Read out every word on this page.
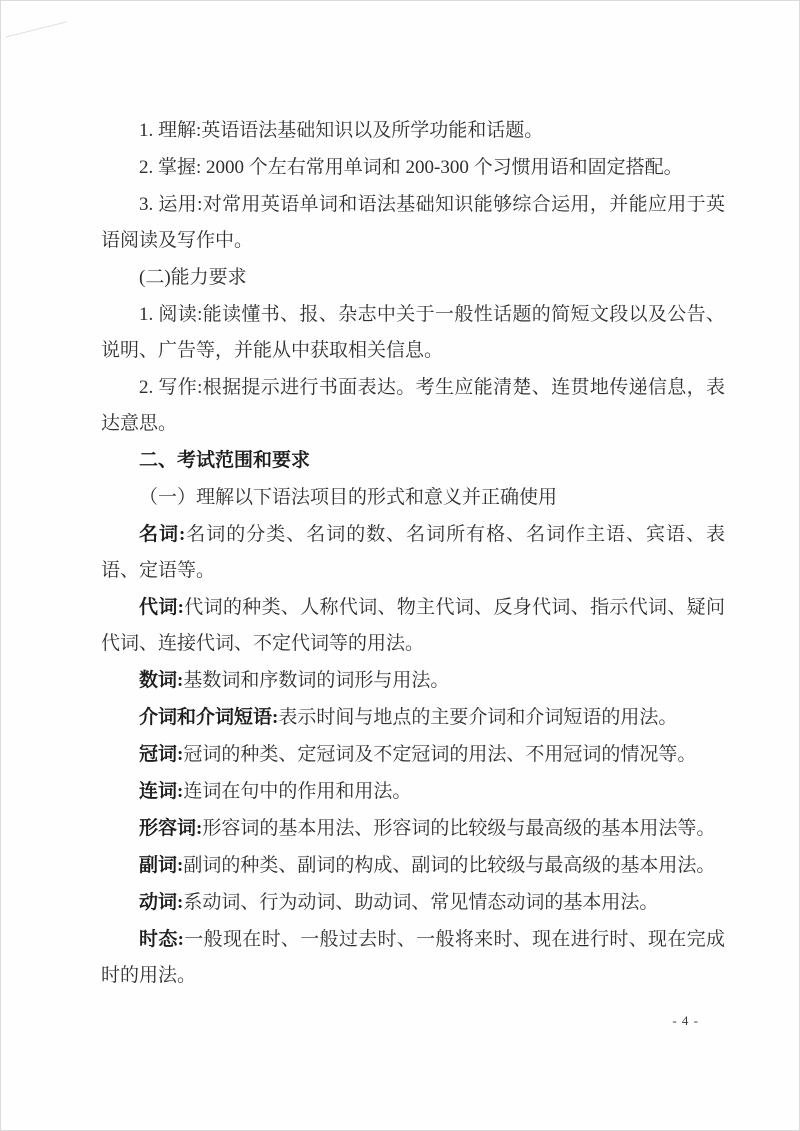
1. 理解:英语语法基础知识以及所学功能和话题。

2. 掌握: 2000 个左右常用单词和 200-300 个习惯用语和固定搭配。

3. 运用:对常用英语单词和语法基础知识能够综合运用，并能应用于英语阅读及写作中。

(二)能力要求

1. 阅读:能读懂书、报、杂志中关于一般性话题的简短文段以及公告、说明、广告等，并能从中获取相关信息。

2. 写作:根据提示进行书面表达。考生应能清楚、连贯地传递信息，表达意思。

二、考试范围和要求

（一）理解以下语法项目的形式和意义并正确使用

名词:名词的分类、名词的数、名词所有格、名词作主语、宾语、表语、定语等。

代词:代词的种类、人称代词、物主代词、反身代词、指示代词、疑问代词、连接代词、不定代词等的用法。

数词:基数词和序数词的词形与用法。

介词和介词短语:表示时间与地点的主要介词和介词短语的用法。

冠词:冠词的种类、定冠词及不定冠词的用法、不用冠词的情况等。

连词:连词在句中的作用和用法。

形容词:形容词的基本用法、形容词的比较级与最高级的基本用法等。

副词:副词的种类、副词的构成、副词的比较级与最高级的基本用法。

动词:系动词、行为动词、助动词、常见情态动词的基本用法。

时态:一般现在时、一般过去时、一般将来时、现在进行时、现在完成时的用法。

- 4 -
